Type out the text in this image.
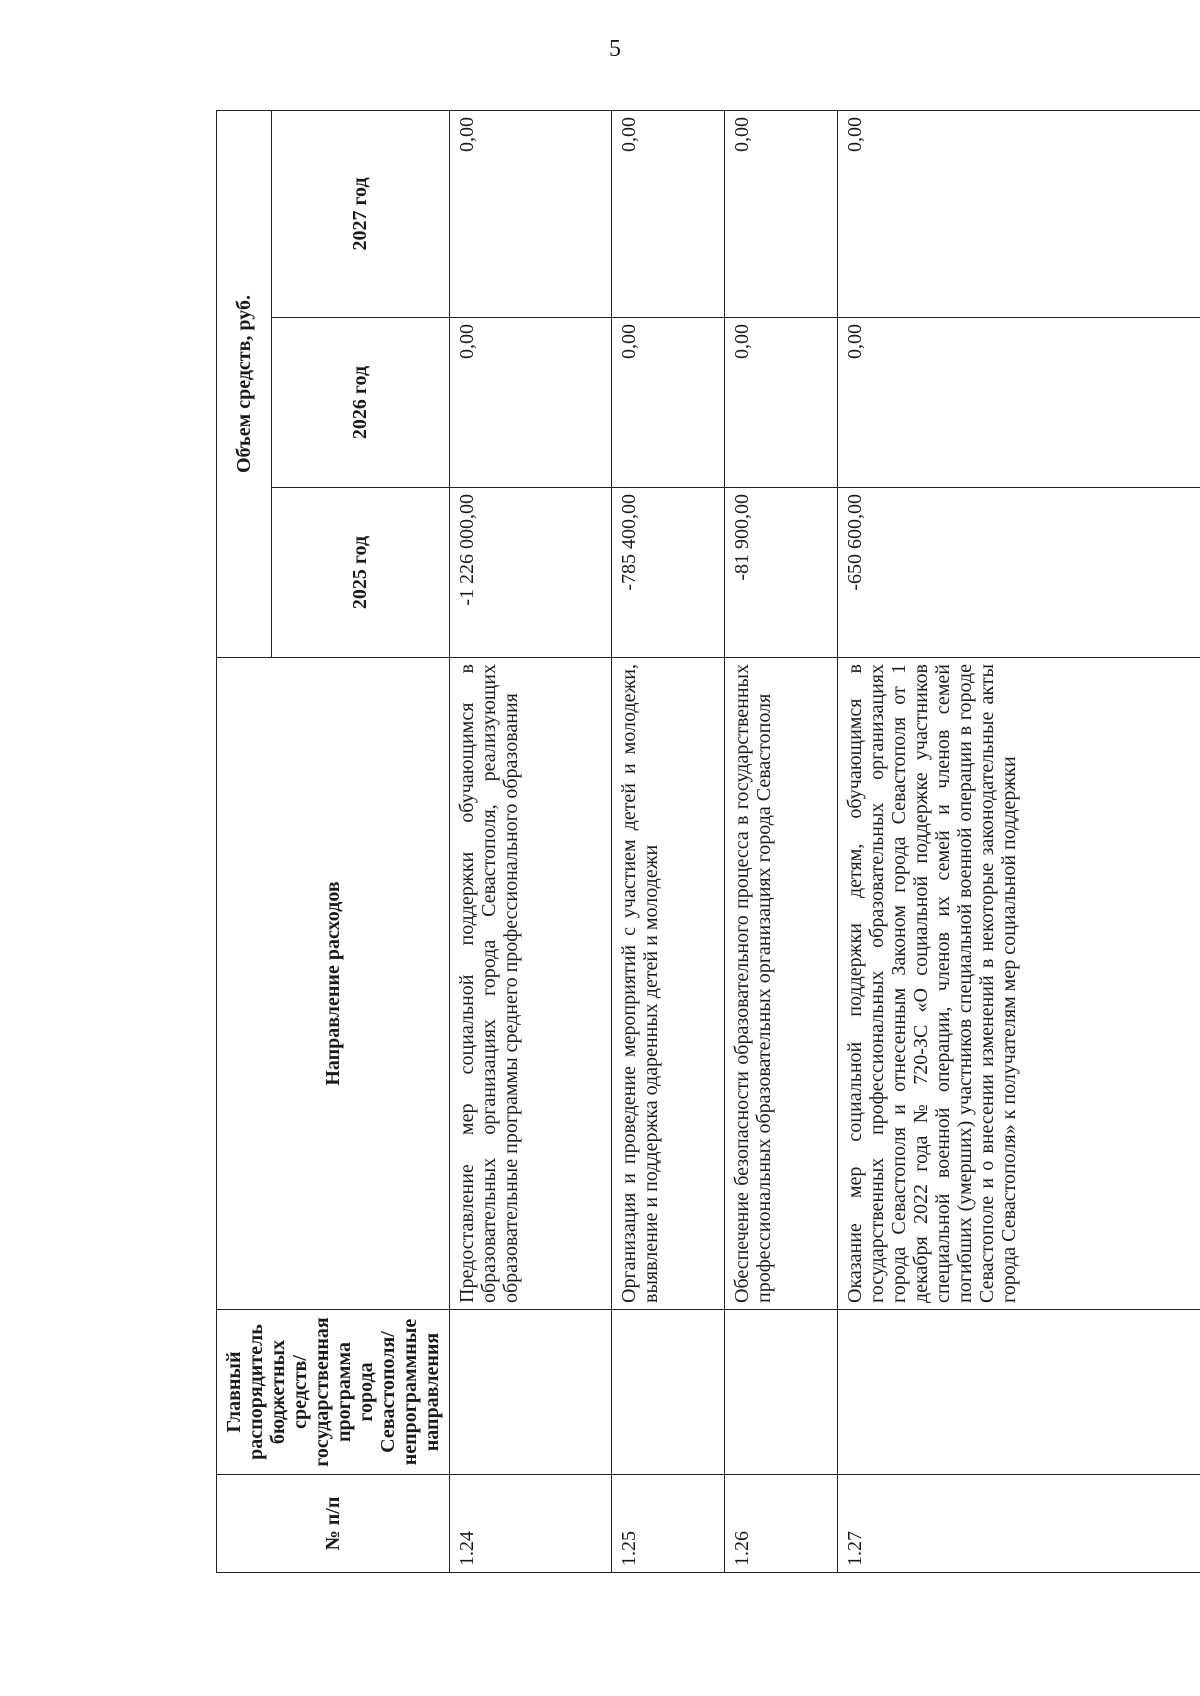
5
№ п/п	Главный распорядитель бюджетных средств/государственная программа города Севастополя/непрограммные направления	Направление расходов	Объем средств, руб.		
			2025 год	2026 год	2027 год
1.24		Предоставление мер социальной поддержки обучающимся в образовательных организациях города Севастополя, реализующих образовательные программы среднего профессионального образования	-1 226 000,00	0,00	0,00
1.25		Организация и проведение мероприятий с участием детей и молодежи, выявление и поддержка одаренных детей и молодежи	-785 400,00	0,00	0,00
1.26		Обеспечение безопасности образовательного процесса в государственных профессиональных образовательных организациях города Севастополя	-81 900,00	0,00	0,00
1.27		Оказание мер социальной поддержки детям, обучающимся в государственных профессиональных образовательных организациях города Севастополя и отнесенным Законом города Севастополя от 1 декабря 2022 года № 720-ЗС «О социальной поддержке участников специальной военной операции, членов их семей и членов семей погибших (умерших) участников специальной военной операции в городе Севастополе и о внесении изменений в некоторые законодательные акты города Севастополя» к получателям мер социальной поддержки	-650 600,00	0,00	0,00
